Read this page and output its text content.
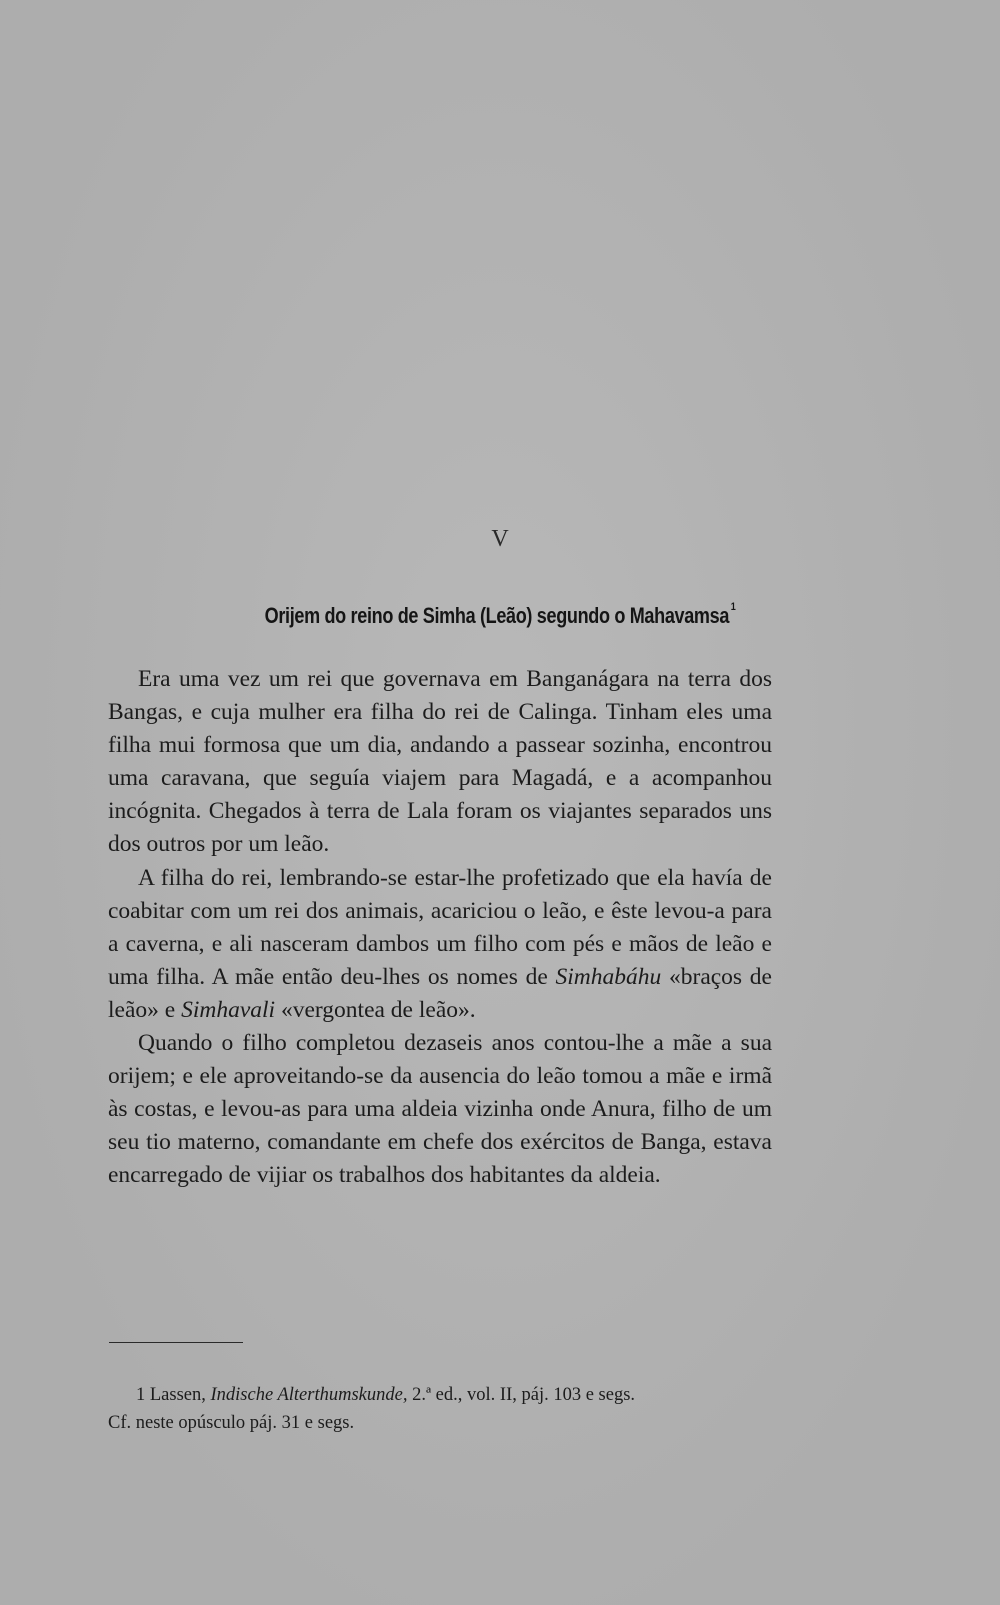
V
Orijem do reino de Simha (Leão) segundo o Mahavamsa $^1$

Era uma vez um rei que governava em Banganágara na terra dos Bangas, e cuja mulher era filha do rei de Calinga. Tinham eles uma filha mui formosa que um dia, andando a passear sozinha, encontrou uma caravana, que seguía viajem para Magadá, e a acompanhou incógnita. Chegados à terra de Lala foram os viajantes separados uns dos outros por um leão.

A filha do rei, lembrando-se estar-lhe profetizado que ela havía de coabitar com um rei dos animais, acariciou o leão, e êste levou-a para a caverna, e ali nasceram dambos um filho com pés e mãos de leão e uma filha. A mãe então deu-lhes os nomes de Simhabáhu «braços de leão» e Simhavali «vergontea de leão».

Quando o filho completou dezaseis anos contou-lhe a mãe a sua orijem; e ele aproveitando-se da ausencia do leão tomou a mãe e irmã às costas, e levou-as para uma aldeia vizinha onde Anura, filho de um seu tio materno, comandante em chefe dos exércitos de Banga, estava encarregado de vijiar os trabalhos dos habitantes da aldeia.

1 Lassen, Indische Alterthumskunde, 2.ª ed., vol. II, páj. 103 e segs.
Cf. neste opúsculo páj. 31 e segs.
